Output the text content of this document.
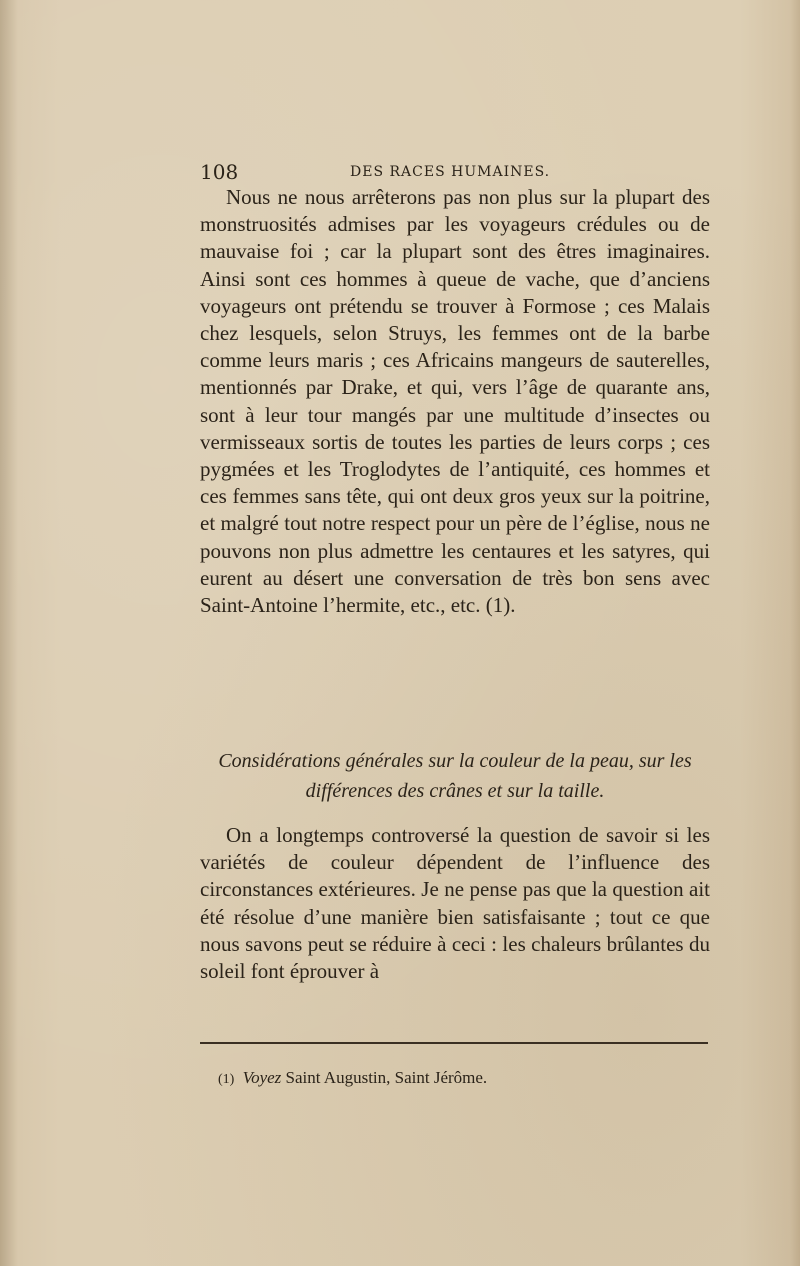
108	DES RACES HUMAINES.

Nous ne nous arrêterons pas non plus sur la plupart des monstruosités admises par les voyageurs crédules ou de mauvaise foi ; car la plupart sont des êtres imaginaires. Ainsi sont ces hommes à queue de vache, que d’anciens voyageurs ont prétendu se trouver à Formose ; ces Malais chez lesquels, selon Struys, les femmes ont de la barbe comme leurs maris ; ces Africains mangeurs de sauterelles, mentionnés par Drake, et qui, vers l’âge de quarante ans, sont à leur tour mangés par une multitude d’insectes ou vermisseaux sortis de toutes les parties de leurs corps ; ces pygmées et les Troglodytes de l’antiquité, ces hommes et ces femmes sans tête, qui ont deux gros yeux sur la poitrine, et malgré tout notre respect pour un père de l’église, nous ne pouvons non plus admettre les centaures et les satyres, qui eurent au désert une conversation de très bon sens avec Saint-Antoine l’hermite, etc., etc. (1).

Considérations générales sur la couleur de la peau, sur les différences des crânes et sur la taille.

On a longtemps controversé la question de savoir si les variétés de couleur dépendent de l’influence des circonstances extérieures. Je ne pense pas que la question ait été résolue d’une manière bien satisfaisante ; tout ce que nous savons peut se réduire à ceci : les chaleurs brûlantes du soleil font éprouver à

(1) Voyez Saint Augustin, Saint Jérôme.
